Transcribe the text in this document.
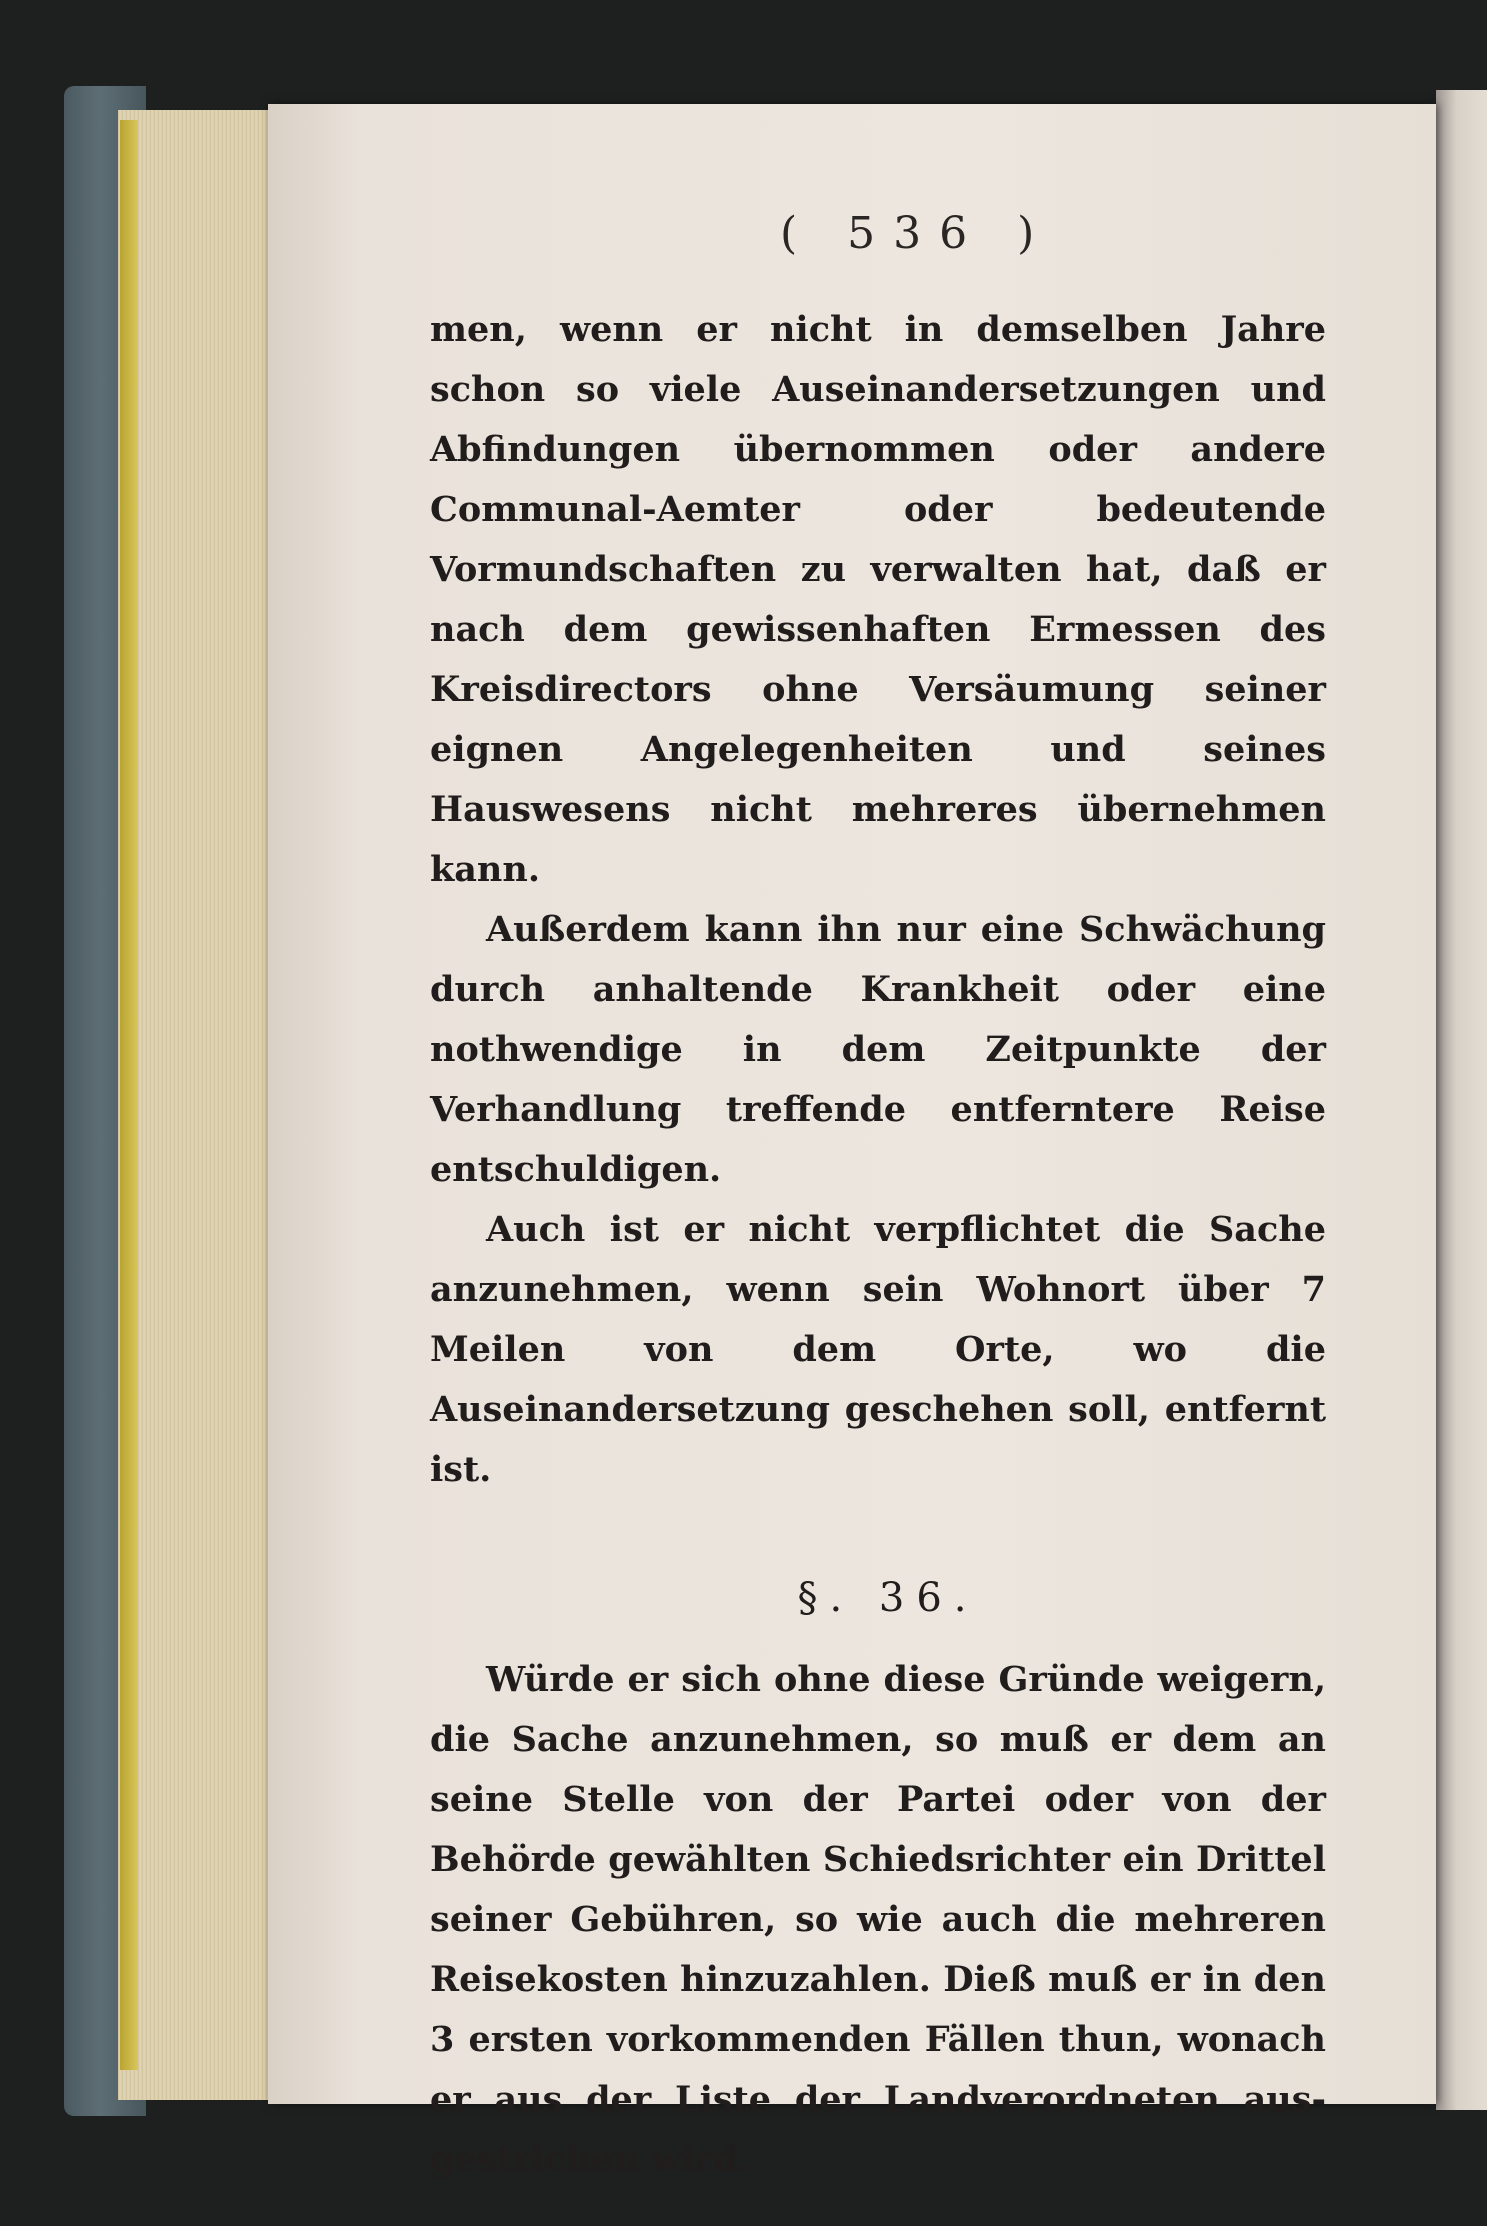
( 536 )

men, wenn er nicht in demselben Jahre schon so viele Auseinandersetzungen und Abfindungen übernommen oder andere Communal-Aemter oder bedeutende Vormundschaften zu verwalten hat, daß er nach dem gewissenhaften Ermessen des Kreisdirectors ohne Versäumung seiner eignen Angelegenheiten und seines Hauswesens nicht mehreres übernehmen kann.

Außerdem kann ihn nur eine Schwächung durch anhaltende Krankheit oder eine nothwendige in dem Zeitpunkte der Verhandlung treffende entferntere Reise entschuldigen.

Auch ist er nicht verpflichtet die Sache anzunehmen, wenn sein Wohnort über 7 Meilen von dem Orte, wo die Auseinandersetzung geschehen soll, entfernt ist.

§. 36.

Würde er sich ohne diese Gründe weigern, die Sache anzunehmen, so muß er dem an seine Stelle von der Partei oder von der Behörde gewählten Schiedsrichter ein Drittel seiner Gebühren, so wie auch die mehreren Reisekosten hinzuzahlen. Dieß muß er in den 3 ersten vorkommenden Fällen thun, wonach er aus der Liste der Landverordneten ausgestrichen wird.
